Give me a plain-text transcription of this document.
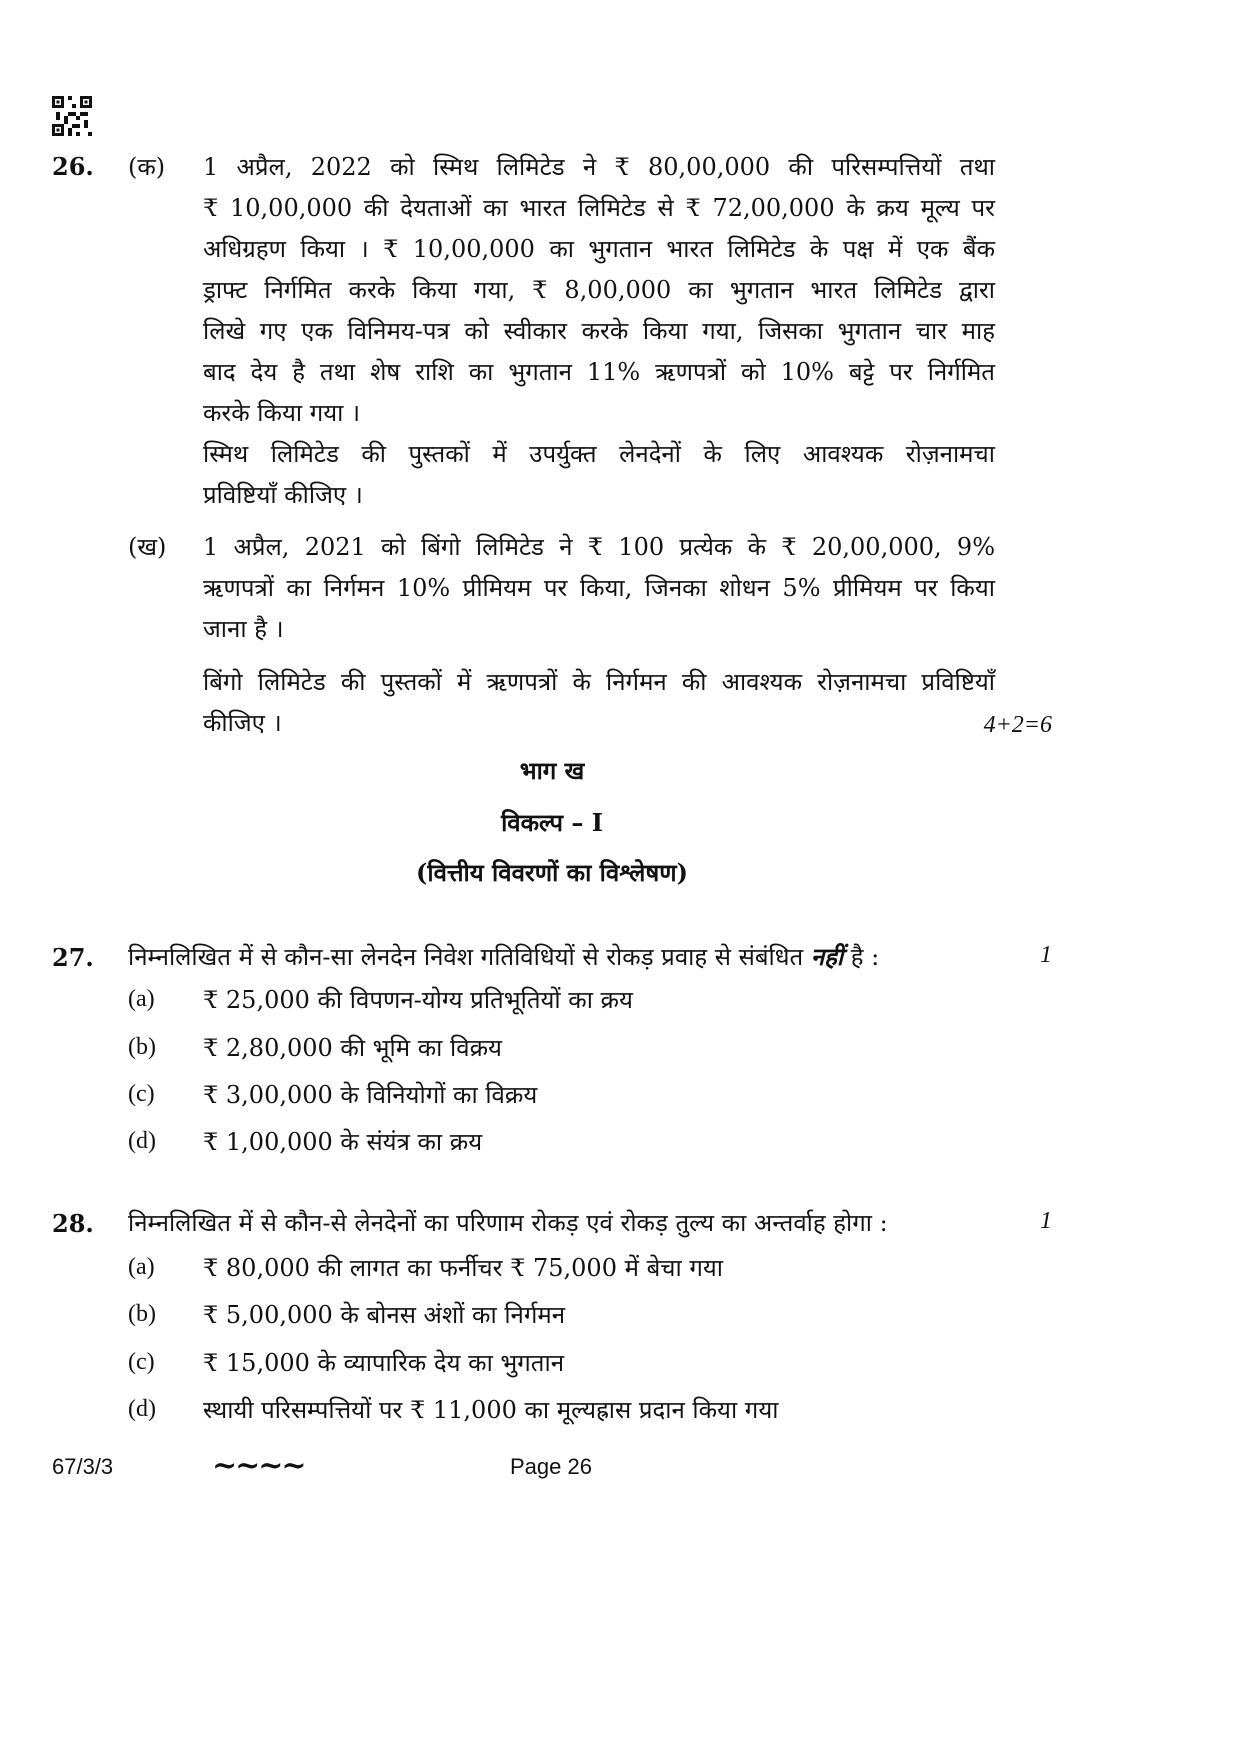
26. (क) 1 अप्रैल, 2022 को स्मिथ लिमिटेड ने ₹ 80,00,000 की परिसम्पत्तियों तथा
₹ 10,00,000 की देयताओं का भारत लिमिटेड से ₹ 72,00,000 के क्रय मूल्य पर
अधिग्रहण किया । ₹ 10,00,000 का भुगतान भारत लिमिटेड के पक्ष में एक बैंक
ड्राफ्ट निर्गमित करके किया गया, ₹ 8,00,000 का भुगतान भारत लिमिटेड द्वारा
लिखे गए एक विनिमय-पत्र को स्वीकार करके किया गया, जिसका भुगतान चार माह
बाद देय है तथा शेष राशि का भुगतान 11% ऋणपत्रों को 10% बट्टे पर निर्गमित
करके किया गया ।
स्मिथ लिमिटेड की पुस्तकों में उपर्युक्त लेनदेनों के लिए आवश्यक रोज़नामचा
प्रविष्टियाँ कीजिए ।
(ख) 1 अप्रैल, 2021 को बिंगो लिमिटेड ने ₹ 100 प्रत्येक के ₹ 20,00,000, 9%
ऋणपत्रों का निर्गमन 10% प्रीमियम पर किया, जिनका शोधन 5% प्रीमियम पर किया
जाना है ।
बिंगो लिमिटेड की पुस्तकों में ऋणपत्रों के निर्गमन की आवश्यक रोज़नामचा प्रविष्टियाँ
कीजिए ।	4+2=6
भाग ख
विकल्प – I
(वित्तीय विवरणों का विश्लेषण)
27. निम्नलिखित में से कौन-सा लेनदेन निवेश गतिविधियों से रोकड़ प्रवाह से संबंधित नहीं है :	1
(a) ₹ 25,000 की विपणन-योग्य प्रतिभूतियों का क्रय
(b) ₹ 2,80,000 की भूमि का विक्रय
(c) ₹ 3,00,000 के विनियोगों का विक्रय
(d) ₹ 1,00,000 के संयंत्र का क्रय
28. निम्नलिखित में से कौन-से लेनदेनों का परिणाम रोकड़ एवं रोकड़ तुल्य का अन्तर्वाह होगा :	1
(a) ₹ 80,000 की लागत का फर्नीचर ₹ 75,000 में बेचा गया
(b) ₹ 5,00,000 के बोनस अंशों का निर्गमन
(c) ₹ 15,000 के व्यापारिक देय का भुगतान
(d) स्थायी परिसम्पत्तियों पर ₹ 11,000 का मूल्यह्रास प्रदान किया गया
67/3/3	~~~~	Page 26
